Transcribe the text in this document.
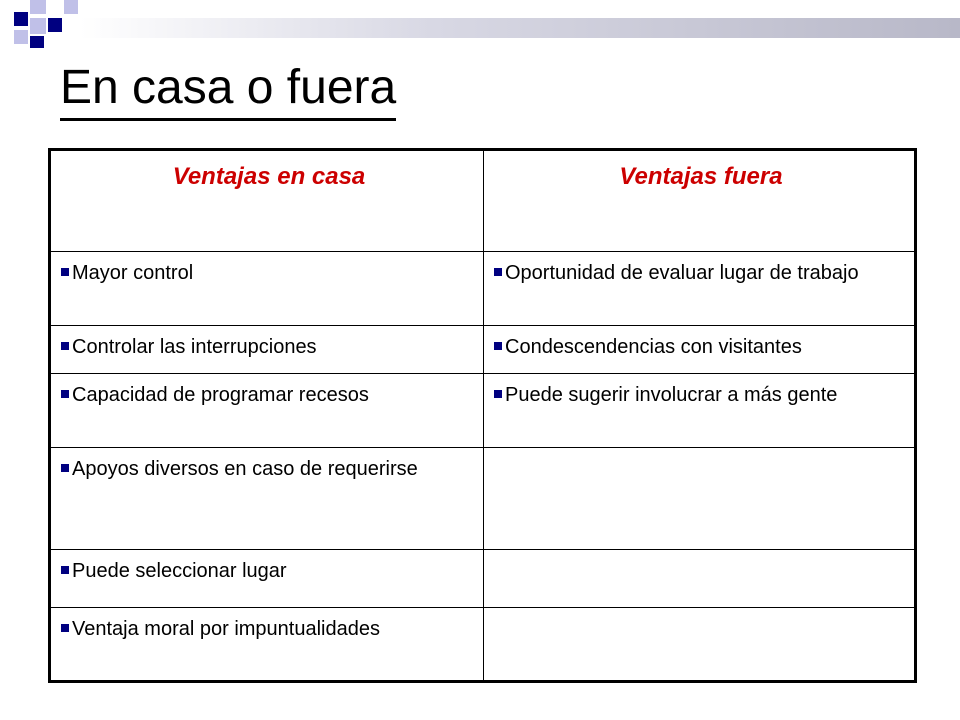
En casa o fuera
Ventajas en casa	Ventajas fuera
Mayor control	Oportunidad de evaluar lugar de trabajo
Controlar las interrupciones	Condescendencias con visitantes
Capacidad de programar recesos	Puede sugerir involucrar a más gente
Apoyos diversos en caso de requerirse	
Puede seleccionar lugar	
Ventaja moral por impuntualidades	
